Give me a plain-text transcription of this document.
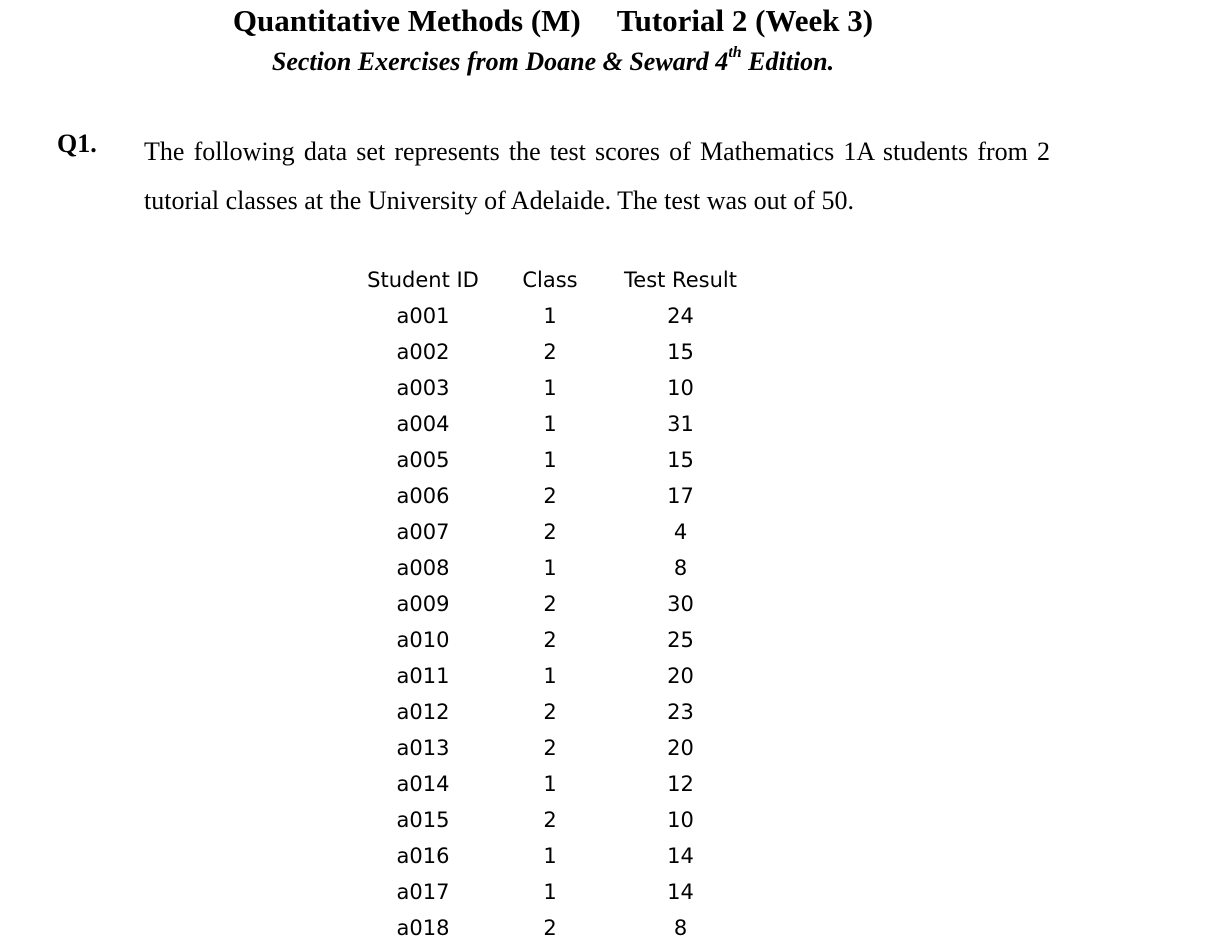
Quantitative Methods (M) Tutorial 2 (Week 3)
Section Exercises from Doane & Seward 4th Edition.
Q1. The following data set represents the test scores of Mathematics 1A students from 2 tutorial classes at the University of Adelaide. The test was out of 50.
Student ID	Class	Test Result
a001	1	24
a002	2	15
a003	1	10
a004	1	31
a005	1	15
a006	2	17
a007	2	4
a008	1	8
a009	2	30
a010	2	25
a011	1	20
a012	2	23
a013	2	20
a014	1	12
a015	2	10
a016	1	14
a017	1	14
a018	2	8
